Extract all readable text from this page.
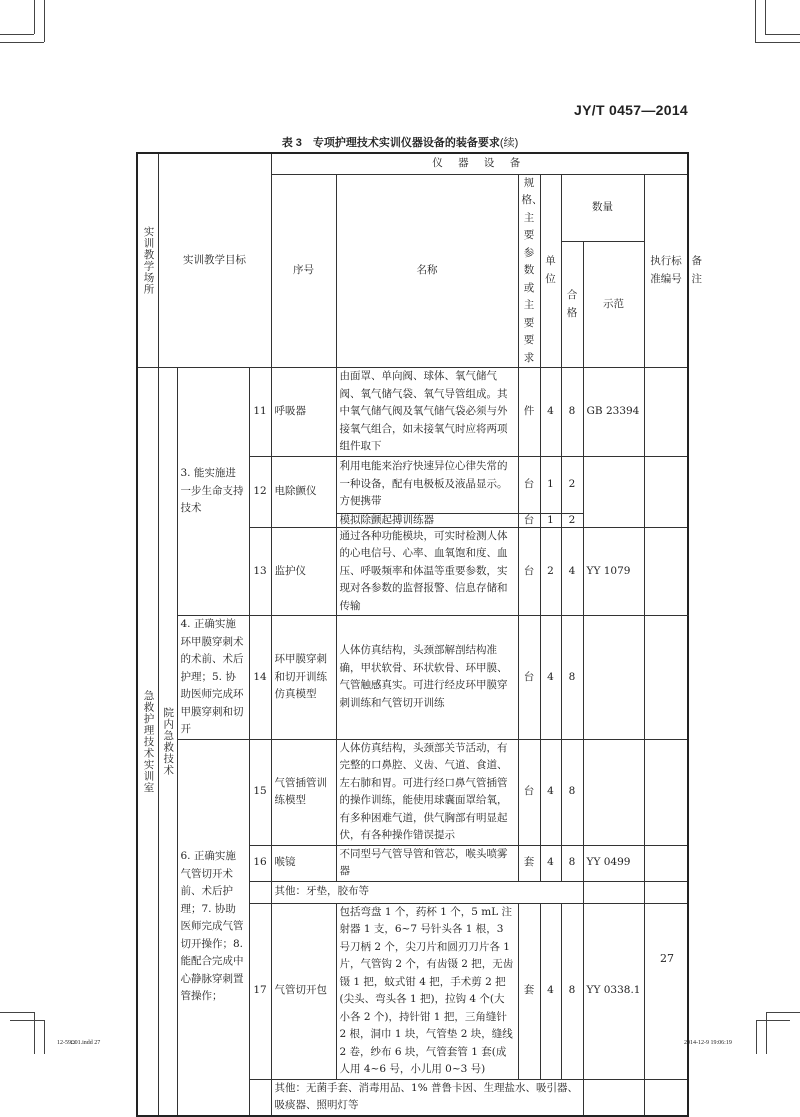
JY/T 0457—2014
表 3　专项护理技术实训仪器设备的装备要求(续)
实训教学场所	实训教学目标			仪 器 设 备							
				序号	名称	规格、主要参数或主要要求	单位	数量		执行标准编号	备注
								合格	示范		
急救护理技术实训室	院内急救技术	3. 能实施进一步生命支持技术	11	呼吸器	由面罩、单向阀、球体、氧气储气阀、氧气储气袋、氧气导管组成。其中氧气储气阀及氧气储气袋必须与外接氧气组合，如未接氧气时应将两项组件取下	件	4	8	GB 23394		
			12	电除颤仪	利用电能来治疗快速异位心律失常的一种设备，配有电极板及液晶显示。方便携带	台	1	2			
					模拟除颤起搏训练器	台	1	2			
			13	监护仪	通过各种功能模块，可实时检测人体的心电信号、心率、血氧饱和度、血压、呼吸频率和体温等重要参数，实现对各参数的监督报警、信息存储和传输	台	2	4	YY 1079		
		4. 正确实施环甲膜穿刺术的术前、术后护理；5. 协助医师完成环甲膜穿刺和切开	14	环甲膜穿刺和切开训练仿真模型	人体仿真结构，头颈部解剖结构准确，甲状软骨、环状软骨、环甲膜、气管触感真实。可进行经皮环甲膜穿刺训练和气管切开训练	台	4	8			
		6. 正确实施气管切开术前、术后护理；7. 协助医师完成气管切开操作；8. 能配合完成中心静脉穿刺置管操作；	15	气管插管训练模型	人体仿真结构，头颈部关节活动，有完整的口鼻腔、义齿、气道、食道、左右肺和胃。可进行经口鼻气管插管的操作训练，能使用球囊面罩给氧，有多种困难气道，供气胸部有明显起伏，有各种操作错误提示	台	4	8			
			16	喉镜	不同型号气管导管和管芯，喉头喷雾器	套	4	8	YY 0499		
				其他：牙垫，胶布等							
			17	气管切开包	包括弯盘 1 个，药杯 1 个，5 mL 注射器 1 支，6~7 号针头各 1 根，3 号刀柄 2 个，尖刀片和圆刃刀片各 1 片，气管钩 2 个，有齿镊 2 把，无齿镊 1 把，蚊式钳 4 把，手术剪 2 把(尖头、弯头各 1 把)，拉钩 4 个(大小各 2 个)，持针钳 1 把，三角缝针 2 根，洞巾 1 块，气管垫 2 块，缝线 2 卷，纱布 6 块，气管套管 1 套(成人用 4~6 号，小儿用 0~3 号)	套	4	8	YY 0338.1		
				其他：无菌手套、消毒用品、1% 普鲁卡因、生理盐水、吸引器、吸痰器、照明灯等							
27
12-59◘01.indd 27	2014-12-9 19:06:19
